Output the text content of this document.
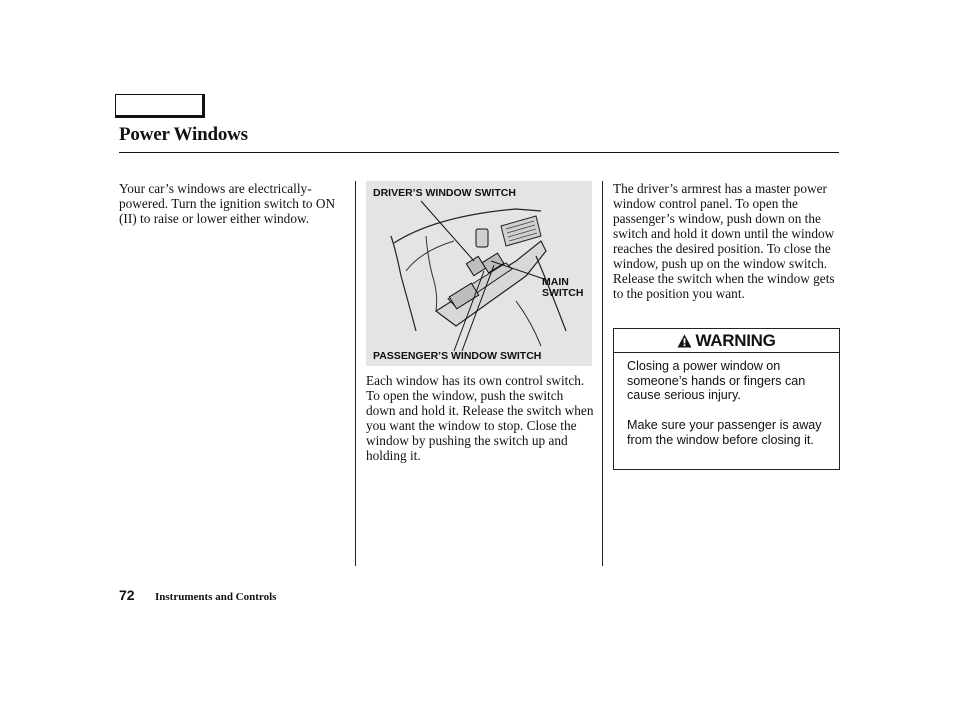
Power Windows
Your car’s windows are electrically-powered. Turn the ignition switch to ON (II) to raise or lower either window.
DRIVER’S WINDOW SWITCH
MAIN
SWITCH
PASSENGER’S WINDOW SWITCH
Each window has its own control switch. To open the window, push the switch down and hold it. Release the switch when you want the window to stop. Close the window by pushing the switch up and holding it.
The driver’s armrest has a master power window control panel. To open the passenger’s window, push down on the switch and hold it down until the window reaches the desired position. To close the window, push up on the window switch. Release the switch when the window gets to the position you want.
WARNING
Closing a power window on someone’s hands or fingers can cause serious injury.
Make sure your passenger is away from the window before closing it.
72 Instruments and Controls
